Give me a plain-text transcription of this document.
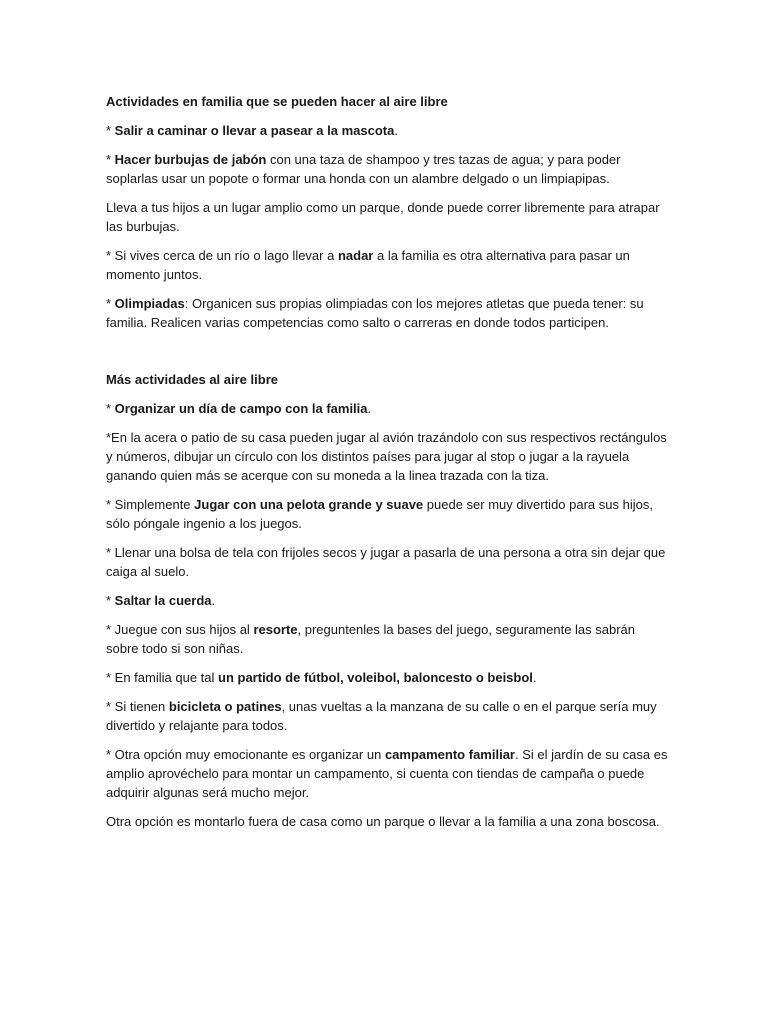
Actividades en familia que se pueden hacer al aire libre

* Salir a caminar o llevar a pasear a la mascota.

* Hacer burbujas de jabón con una taza de shampoo y tres tazas de agua; y para poder soplarlas usar un popote o formar una honda con un alambre delgado o un limpiapipas.

Lleva a tus hijos a un lugar amplio como un parque, donde puede correr libremente para atrapar las burbujas.

* Si vives cerca de un río o lago llevar a nadar a la familia es otra alternativa para pasar un momento juntos.

* Olimpiadas: Organicen sus propias olimpiadas con los mejores atletas que pueda tener: su familia. Realicen varias competencias como salto o carreras en donde todos participen.

Más actividades al aire libre

* Organizar un día de campo con la familia.

*En la acera o patio de su casa pueden jugar al avión trazándolo con sus respectivos rectángulos y números, dibujar un círculo con los distintos países para jugar al stop o jugar a la rayuela ganando quien más se acerque con su moneda a la linea trazada con la tiza.

* Simplemente Jugar con una pelota grande y suave puede ser muy divertido para sus hijos, sólo póngale ingenio a los juegos.

* Llenar una bolsa de tela con frijoles secos y jugar a pasarla de una persona a otra sin dejar que caiga al suelo.

* Saltar la cuerda.

* Juegue con sus hijos al resorte, preguntenles la bases del juego, seguramente las sabrán sobre todo si son niñas.

* En familia que tal un partido de fútbol, voleibol, baloncesto o beisbol.

* Si tienen bicicleta o patines, unas vueltas a la manzana de su calle o en el parque sería muy divertido y relajante para todos.

* Otra opción muy emocionante es organizar un campamento familiar. Si el jardín de su casa es amplio aprovéchelo para montar un campamento, si cuenta con tiendas de campaña o puede adquirir algunas será mucho mejor.

Otra opción es montarlo fuera de casa como un parque o llevar a la familia a una zona boscosa.
